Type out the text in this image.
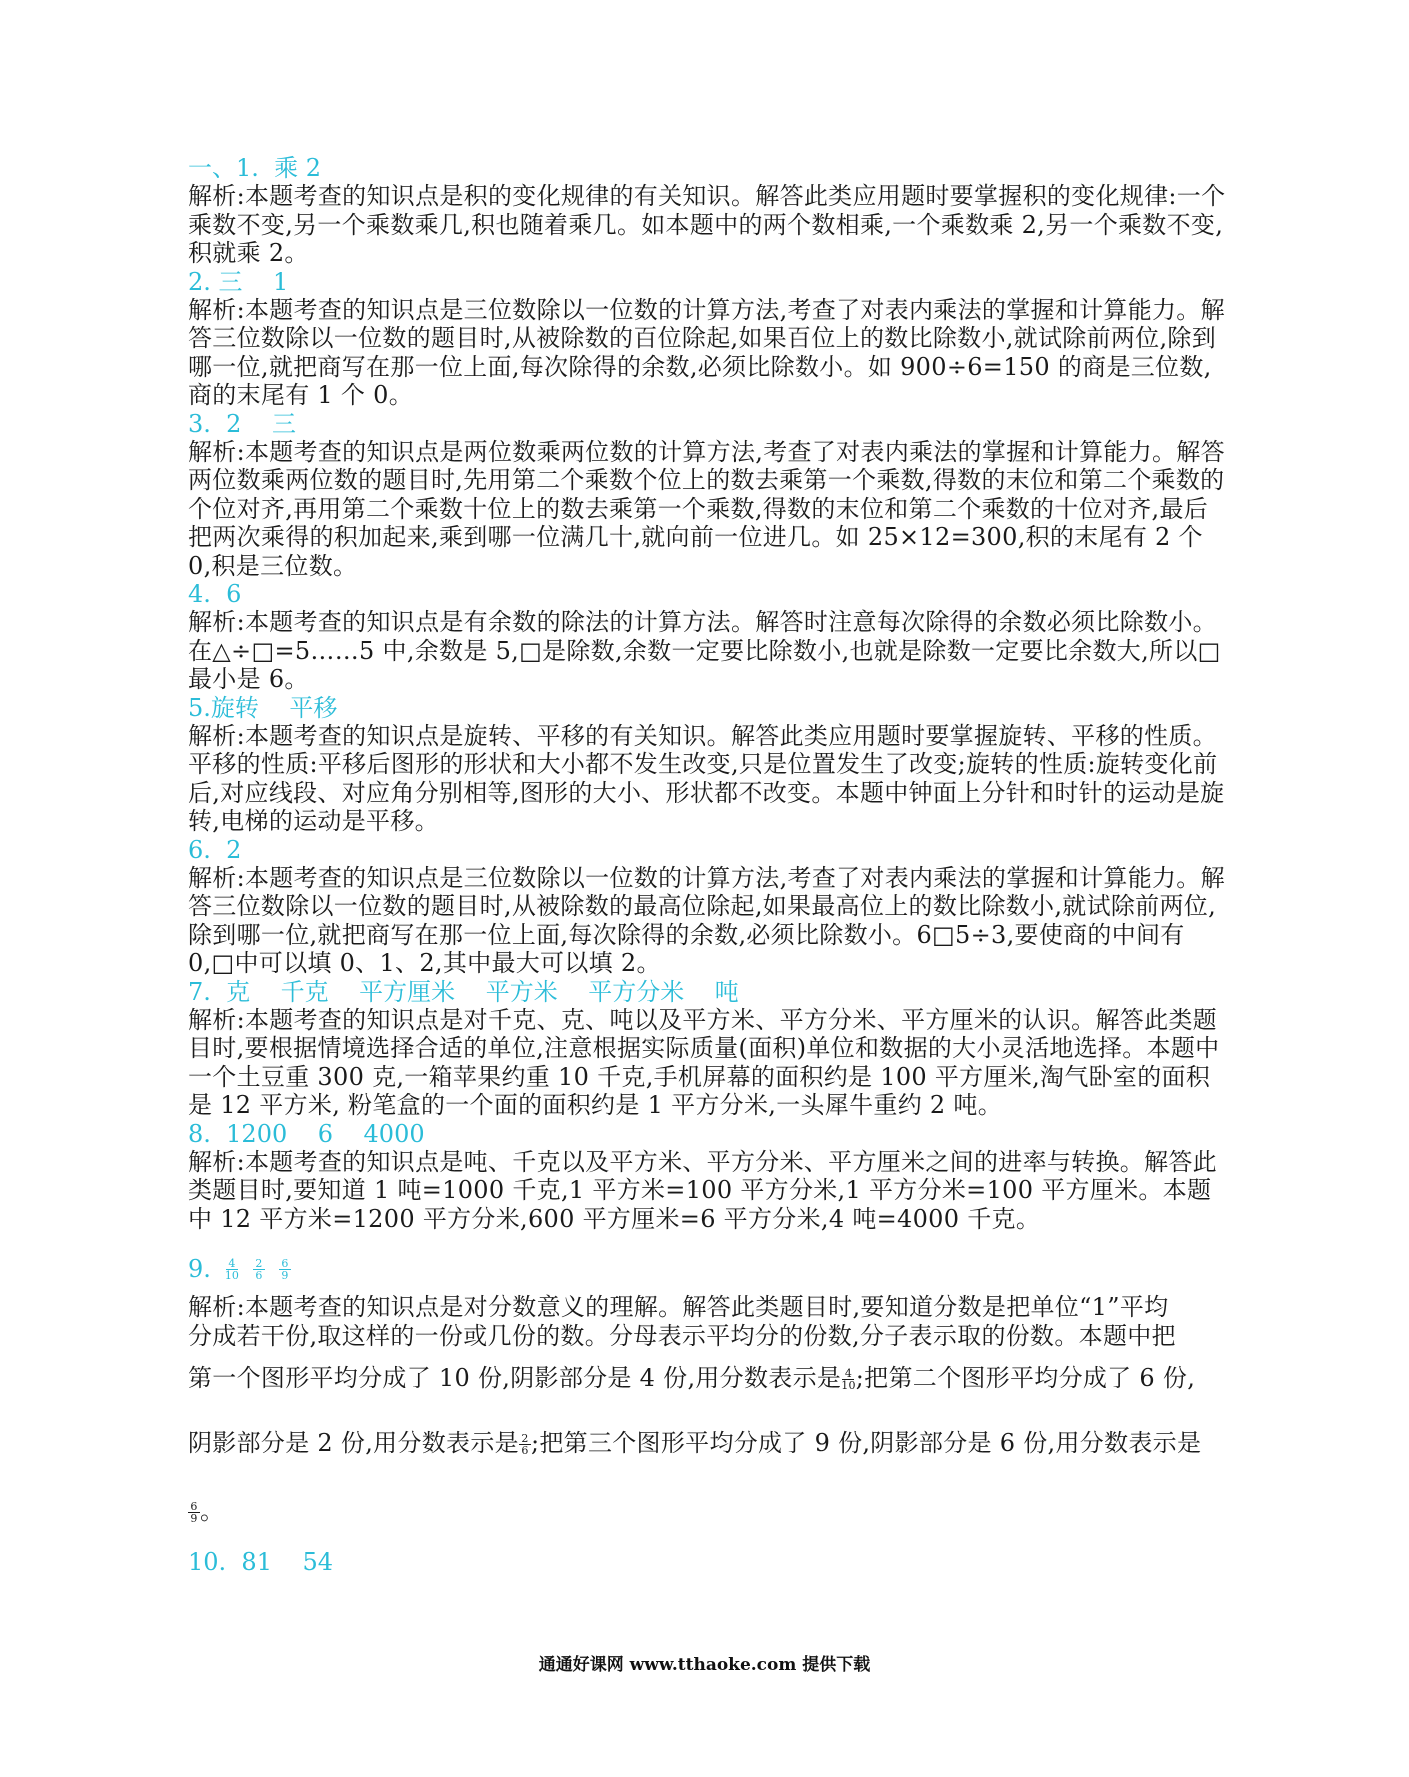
一、1.  乘 2

解析:本题考查的知识点是积的变化规律的有关知识。解答此类应用题时要掌握积的变化规律:一个乘数不变,另一个乘数乘几,积也随着乘几。如本题中的两个数相乘,一个乘数乘 2,另一个乘数不变,积就乘 2。

2. 三    1

解析:本题考查的知识点是三位数除以一位数的计算方法,考查了对表内乘法的掌握和计算能力。解答三位数除以一位数的题目时,从被除数的百位除起,如果百位上的数比除数小,就试除前两位,除到哪一位,就把商写在那一位上面,每次除得的余数,必须比除数小。如 900÷6=150 的商是三位数,商的末尾有 1 个 0。

3.  2    三

解析:本题考查的知识点是两位数乘两位数的计算方法,考查了对表内乘法的掌握和计算能力。解答两位数乘两位数的题目时,先用第二个乘数个位上的数去乘第一个乘数,得数的末位和第二个乘数的个位对齐,再用第二个乘数十位上的数去乘第一个乘数,得数的末位和第二个乘数的十位对齐,最后把两次乘得的积加起来,乘到哪一位满几十,就向前一位进几。如 25×12=300,积的末尾有 2 个 0,积是三位数。

4.  6

解析:本题考查的知识点是有余数的除法的计算方法。解答时注意每次除得的余数必须比除数小。在△÷□=5……5 中,余数是 5,□是除数,余数一定要比除数小,也就是除数一定要比余数大,所以□最小是 6。

5.旋转    平移

解析:本题考查的知识点是旋转、平移的有关知识。解答此类应用题时要掌握旋转、平移的性质。平移的性质:平移后图形的形状和大小都不发生改变,只是位置发生了改变;旋转的性质:旋转变化前后,对应线段、对应角分别相等,图形的大小、形状都不改变。本题中钟面上分针和时针的运动是旋转,电梯的运动是平移。

6.  2

解析:本题考查的知识点是三位数除以一位数的计算方法,考查了对表内乘法的掌握和计算能力。解答三位数除以一位数的题目时,从被除数的最高位除起,如果最高位上的数比除数小,就试除前两位,除到哪一位,就把商写在那一位上面,每次除得的余数,必须比除数小。6□5÷3,要使商的中间有 0,□中可以填 0、1、2,其中最大可以填 2。

7.  克    千克    平方厘米    平方米    平方分米    吨

解析:本题考查的知识点是对千克、克、吨以及平方米、平方分米、平方厘米的认识。解答此类题目时,要根据情境选择合适的单位,注意根据实际质量(面积)单位和数据的大小灵活地选择。本题中一个土豆重 300 克,一箱苹果约重 10 千克,手机屏幕的面积约是 100 平方厘米,淘气卧室的面积是 12 平方米, 粉笔盒的一个面的面积约是 1 平方分米,一头犀牛重约 2 吨。

8.  1200    6    4000

解析:本题考查的知识点是吨、千克以及平方米、平方分米、平方厘米之间的进率与转换。解答此类题目时,要知道 1 吨=1000 千克,1 平方米=100 平方分米,1 平方分米=100 平方厘米。本题中 12 平方米=1200 平方分米,600 平方厘米=6 平方分米,4 吨=4000 千克。

9. $\frac{4}{10} \frac{2}{6} \frac{6}{9}$
解析:本题考查的知识点是对分数意义的理解。解答此类题目时,要知道分数是把单位“1”平均
分成若干份,取这样的一份或几份的数。分母表示平均分的份数,分子表示取的份数。本题中把
第一个图形平均分成了 10 份,阴影部分是 4 份,用分数表示是 $\frac{4}{10}$ ;把第二个图形平均分成了 6 份,
阴影部分是 2 份,用分数表示是 $\frac{2}{6}$ ;把第三个图形平均分成了 9 份,阴影部分是 6 份,用分数表示是
$\frac{6}{9}$ 。

10.  81    54

通通好课网 www.tthaoke.com 提供下载
